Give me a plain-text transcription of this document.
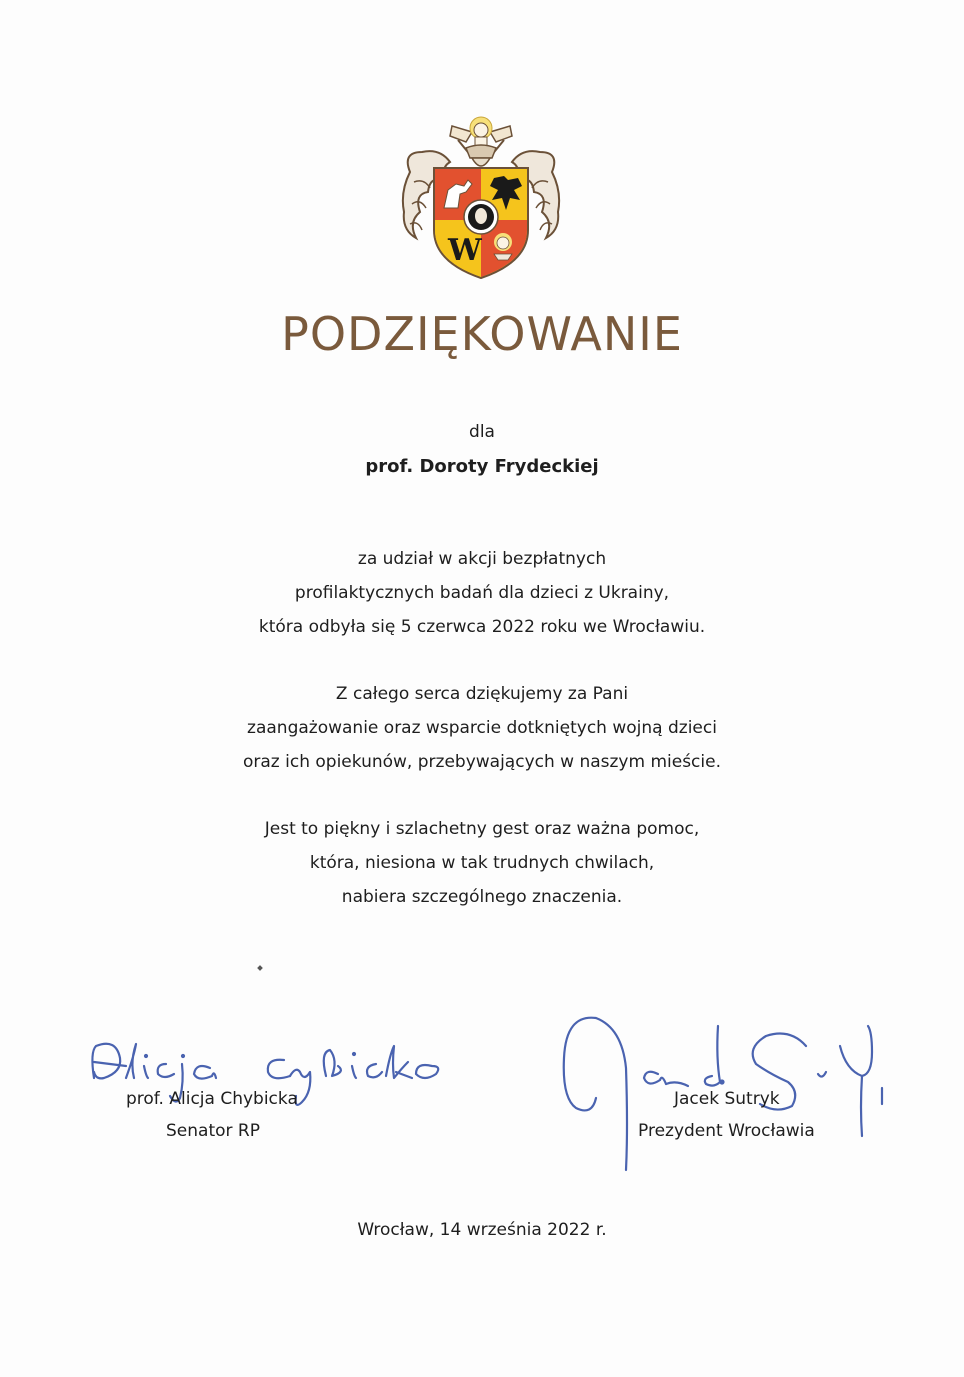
W
PODZIĘKOWANIE
dla
prof. Doroty Frydeckiej
za udział w akcji bezpłatnych
profilaktycznych badań dla dzieci z Ukrainy,
która odbyła się 5 czerwca 2022 roku we Wrocławiu.
Z całego serca dziękujemy za Pani
zaangażowanie oraz wsparcie dotkniętych wojną dzieci
oraz ich opiekunów, przebywających w naszym mieście.
Jest to piękny i szlachetny gest oraz ważna pomoc,
która, niesiona w tak trudnych chwilach,
nabiera szczególnego znaczenia.
prof. Alicja Chybicka
Senator RP
Jacek Sutryk
Prezydent Wrocławia
Wrocław, 14 września 2022 r.
